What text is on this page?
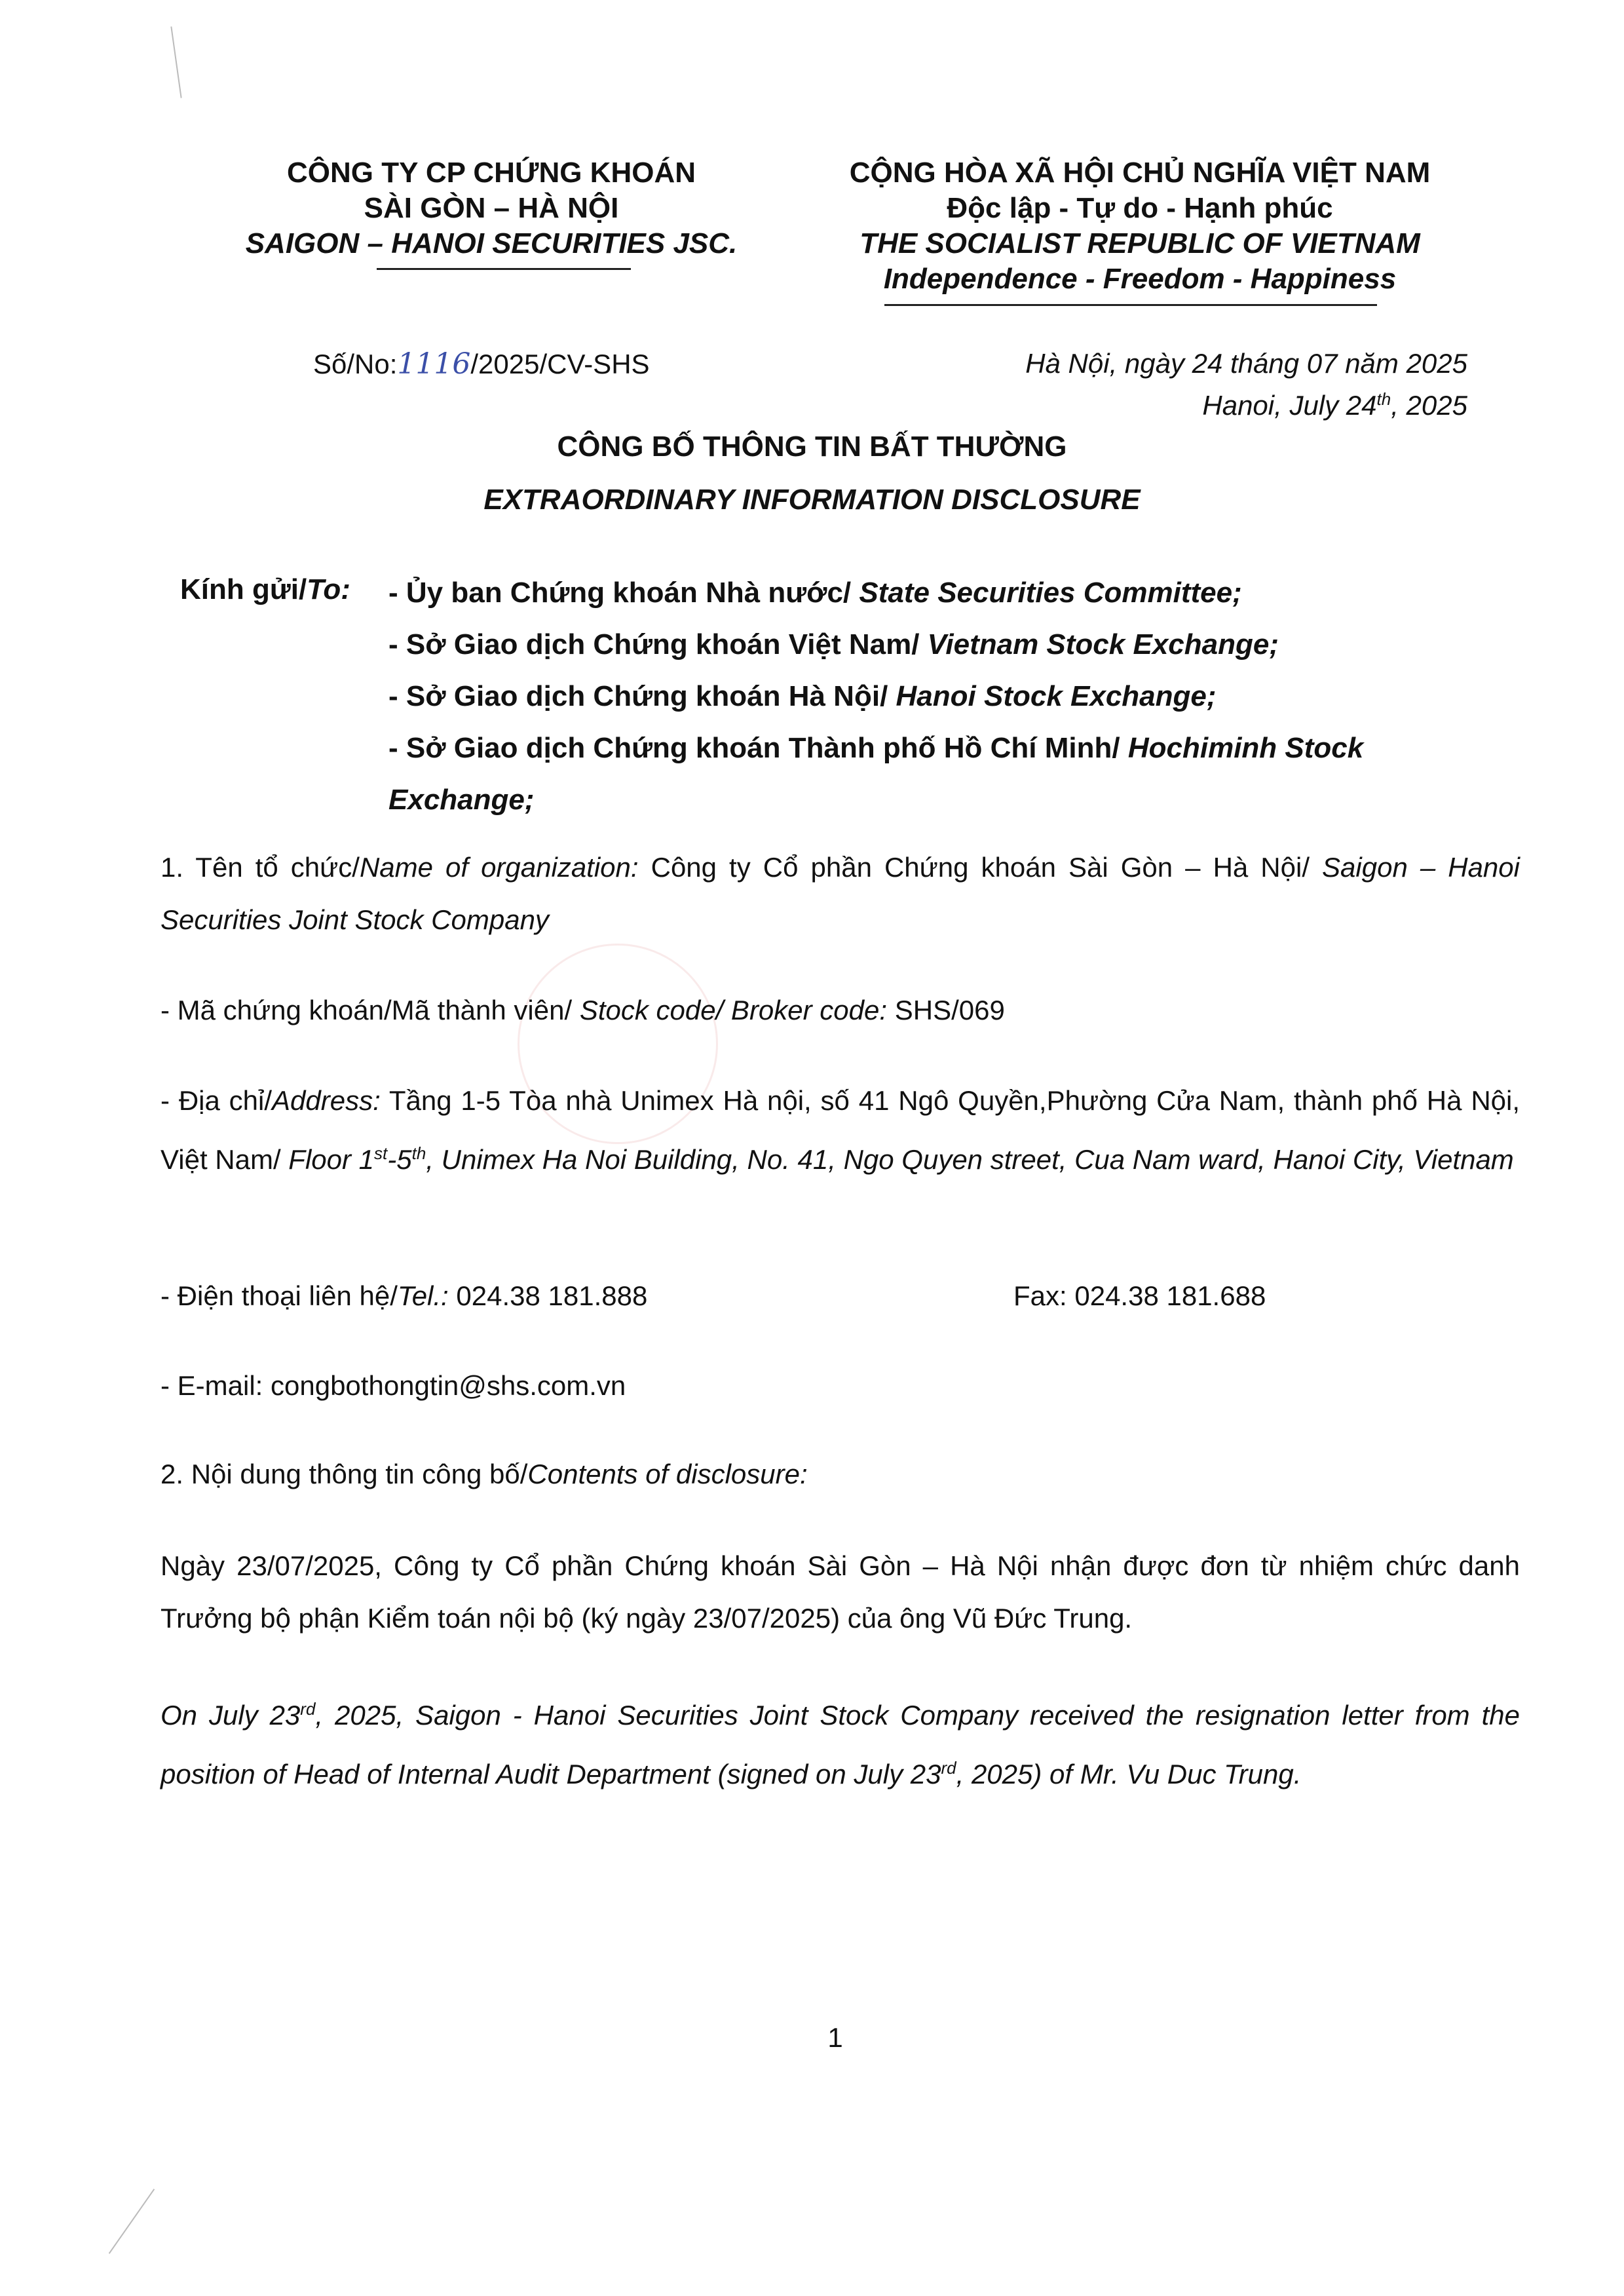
CÔNG TY CP CHỨNG KHOÁN
SÀI GÒN – HÀ NỘI
SAIGON – HANOI SECURITIES JSC.
CỘNG HÒA XÃ HỘI CHỦ NGHĨA VIỆT NAM
Độc lập - Tự do - Hạnh phúc
THE SOCIALIST REPUBLIC OF VIETNAM
Independence - Freedom - Happiness
Số/No:1116/2025/CV-SHS	Hà Nội, ngày 24 tháng 07 năm 2025
Hanoi, July 24th, 2025
CÔNG BỐ THÔNG TIN BẤT THƯỜNG
EXTRAORDINARY INFORMATION DISCLOSURE
Kính gửi/To: - Ủy ban Chứng khoán Nhà nước/ State Securities Committee;
- Sở Giao dịch Chứng khoán Việt Nam/ Vietnam Stock Exchange;
- Sở Giao dịch Chứng khoán Hà Nội/ Hanoi Stock Exchange;
- Sở Giao dịch Chứng khoán Thành phố Hồ Chí Minh/ Hochiminh Stock Exchange;
1. Tên tổ chức/Name of organization: Công ty Cổ phần Chứng khoán Sài Gòn – Hà Nội/ Saigon – Hanoi Securities Joint Stock Company
- Mã chứng khoán/Mã thành viên/ Stock code/ Broker code: SHS/069
- Địa chỉ/Address: Tầng 1-5 Tòa nhà Unimex Hà nội, số 41 Ngô Quyền,Phường Cửa Nam, thành phố Hà Nội, Việt Nam/ Floor 1st-5th, Unimex Ha Noi Building, No. 41, Ngo Quyen street, Cua Nam ward, Hanoi City, Vietnam
- Điện thoại liên hệ/Tel.: 024.38 181.888	Fax: 024.38 181.688
- E-mail: congbothongtin@shs.com.vn
2. Nội dung thông tin công bố/Contents of disclosure:
Ngày 23/07/2025, Công ty Cổ phần Chứng khoán Sài Gòn – Hà Nội nhận được đơn từ nhiệm chức danh Trưởng bộ phận Kiểm toán nội bộ (ký ngày 23/07/2025) của ông Vũ Đức Trung.
On July 23rd, 2025, Saigon - Hanoi Securities Joint Stock Company received the resignation letter from the position of Head of Internal Audit Department (signed on July 23rd, 2025) of Mr. Vu Duc Trung.
1
